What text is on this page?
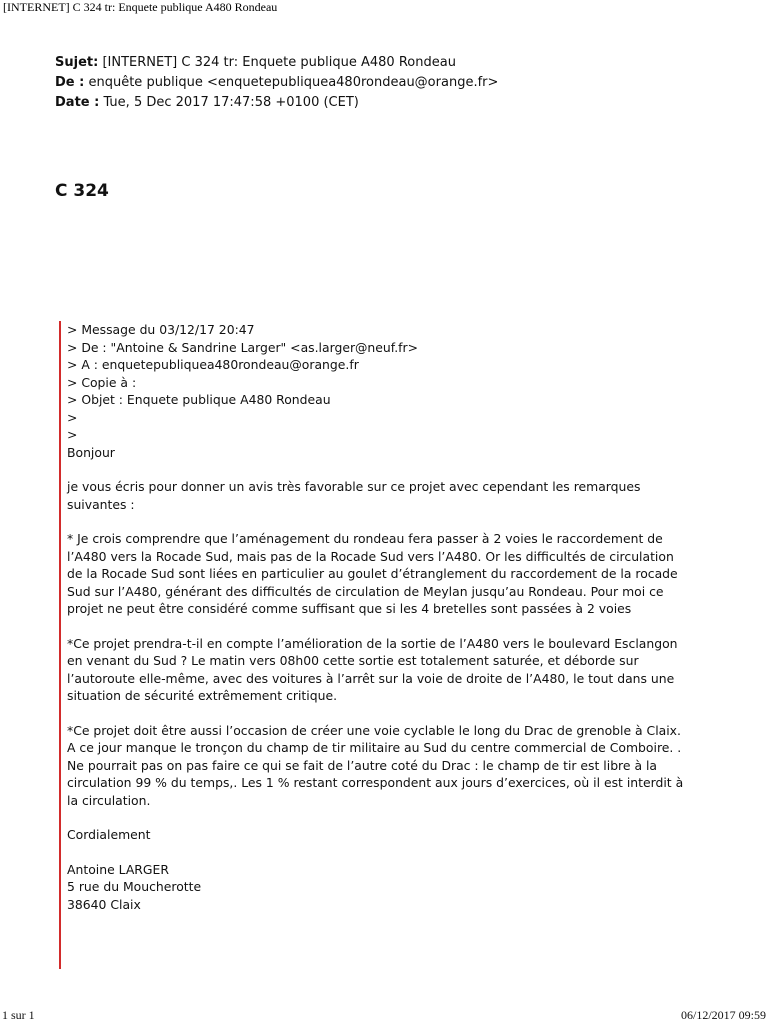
[INTERNET] C 324 tr: Enquete publique A480 Rondeau
Sujet: [INTERNET] C 324 tr: Enquete publique A480 Rondeau
De : enquête publique <enquetepubliquea480rondeau@orange.fr>
Date : Tue, 5 Dec 2017 17:47:58 +0100 (CET)
C 324
> Message du 03/12/17 20:47
> De : "Antoine & Sandrine Larger" <as.larger@neuf.fr>
> A : enquetepubliquea480rondeau@orange.fr
> Copie à :
> Objet : Enquete publique A480 Rondeau
>
>

Bonjour

je vous écris pour donner un avis très favorable sur ce projet avec cependant les remarques suivantes :

* Je crois comprendre que l’aménagement du rondeau fera passer à 2 voies le raccordement de l’A480 vers la Rocade Sud, mais pas de la Rocade Sud vers l’A480. Or les difficultés de circulation de la Rocade Sud sont liées en particulier au goulet d’étranglement du raccordement de la rocade Sud sur l’A480, générant des difficultés de circulation de Meylan jusqu’au Rondeau. Pour moi ce projet ne peut être considéré comme suffisant que si les 4 bretelles sont passées à 2 voies

*Ce projet prendra-t-il en compte l’amélioration de la sortie de l’A480 vers le boulevard Esclangon en venant du Sud ? Le matin vers 08h00 cette sortie est totalement saturée, et déborde sur l’autoroute elle-même, avec des voitures à l’arrêt sur la voie de droite de l’A480, le tout dans une situation de sécurité extrêmement critique.

*Ce projet doit être aussi l’occasion de créer une voie cyclable le long du Drac de grenoble à Claix. A ce jour manque le tronçon du champ de tir militaire au Sud du centre commercial de Comboire. . Ne pourrait pas on pas faire ce qui se fait de l’autre coté du Drac : le champ de tir est libre à la circulation 99 % du temps,. Les 1 % restant correspondent aux jours d’exercices, où il est interdit à la circulation.

Cordialement

Antoine LARGER
5 rue du Moucherotte
38640 Claix
1 sur 1	06/12/2017 09:59
